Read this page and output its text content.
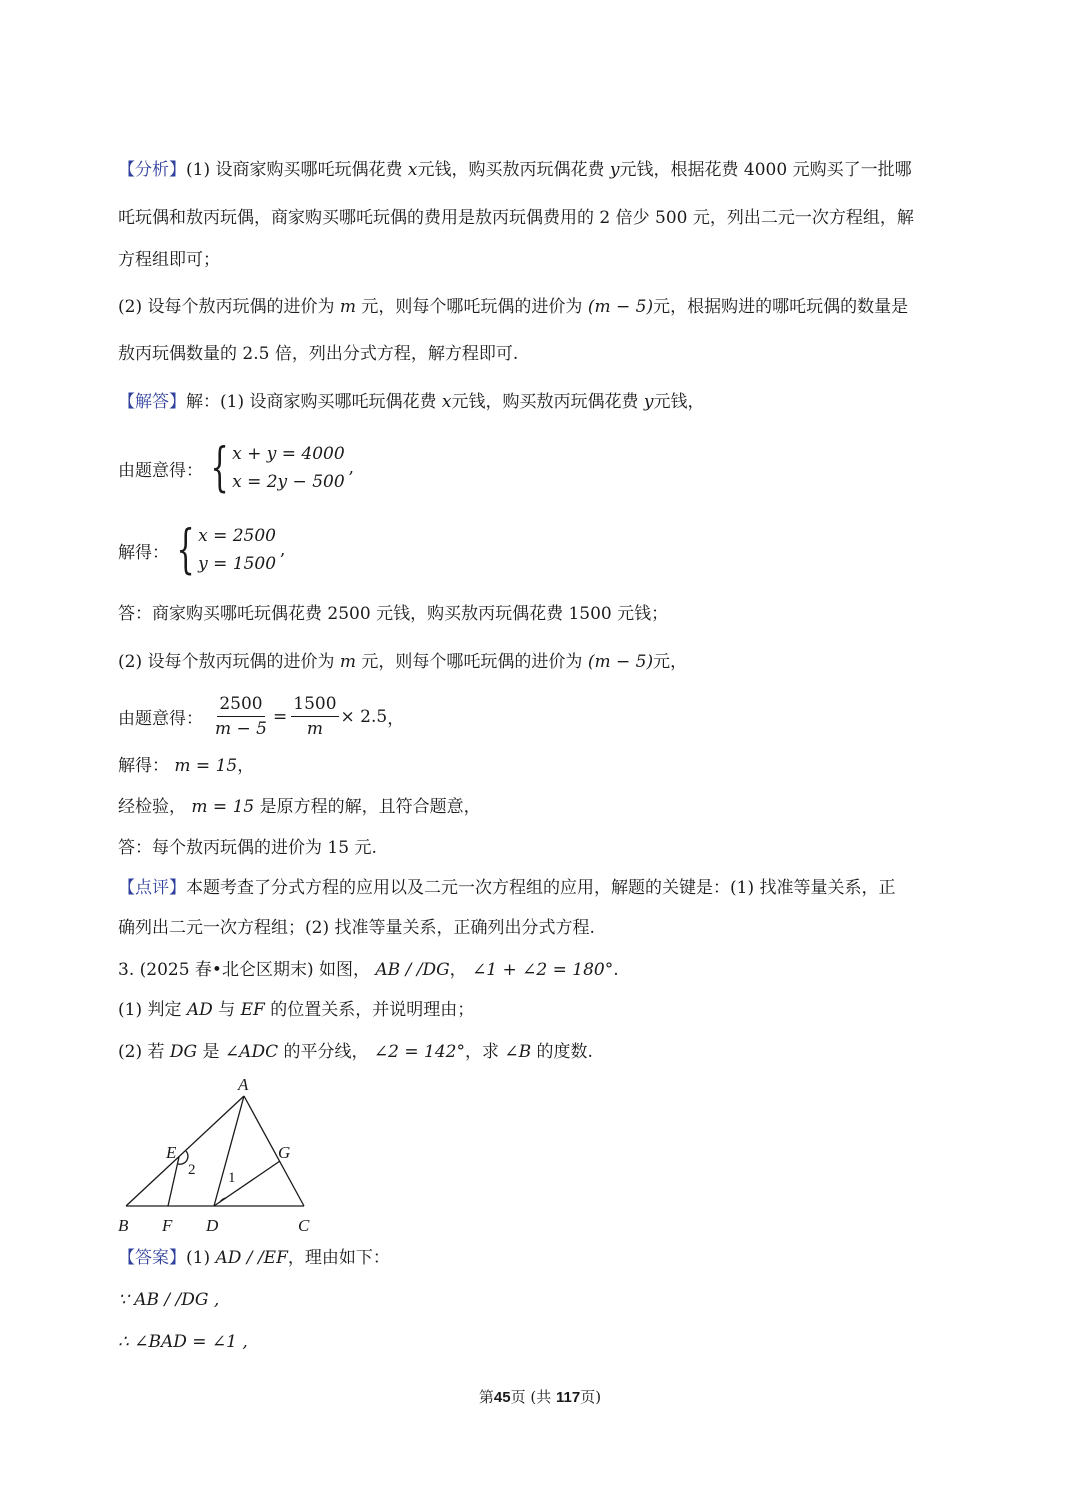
【分析】(1) 设商家购买哪吒玩偶花费 x元钱，购买敖丙玩偶花费 y元钱，根据花费 4000 元购买了一批哪
吒玩偶和敖丙玩偶，商家购买哪吒玩偶的费用是敖丙玩偶费用的 2 倍少 500 元，列出二元一次方程组，解
方程组即可；
(2) 设每个敖丙玩偶的进价为 m 元，则每个哪吒玩偶的进价为 (m − 5)元，根据购进的哪吒玩偶的数量是
敖丙玩偶数量的 2.5 倍，列出分式方程，解方程即可.
【解答】解：(1) 设商家购买哪吒玩偶花费 x元钱，购买敖丙玩偶花费 y元钱，
由题意得： { x + y = 4000
x = 2y − 500
,
解得： { x = 2500
y = 1500
,
答：商家购买哪吒玩偶花费 2500 元钱，购买敖丙玩偶花费 1500 元钱；
(2) 设每个敖丙玩偶的进价为 m 元，则每个哪吒玩偶的进价为 (m − 5)元，
由题意得： $\frac{2500}{m - 5} = \frac{1500}{m} \times 2.5$ ，
解得： m = 15，
经检验， m = 15 是原方程的解，且符合题意，
答：每个敖丙玩偶的进价为 15 元.
【点评】本题考查了分式方程的应用以及二元一次方程组的应用，解题的关键是：(1) 找准等量关系，正
确列出二元一次方程组；(2) 找准等量关系，正确列出分式方程.
3. (2025 春•北仑区期末) 如图， AB / /DG， ∠1 + ∠2 = 180°.
(1) 判定 AD 与 EF 的位置关系，并说明理由；
(2) 若 DG 是 ∠ADC 的平分线， ∠2 = 142°，求 ∠B 的度数.
A
B	C
D
E
F
G
1
2
【答案】(1) AD / /EF，理由如下：
∵ AB / /DG ,
∴ ∠BAD = ∠1 ,
第45页 (共 117页)
